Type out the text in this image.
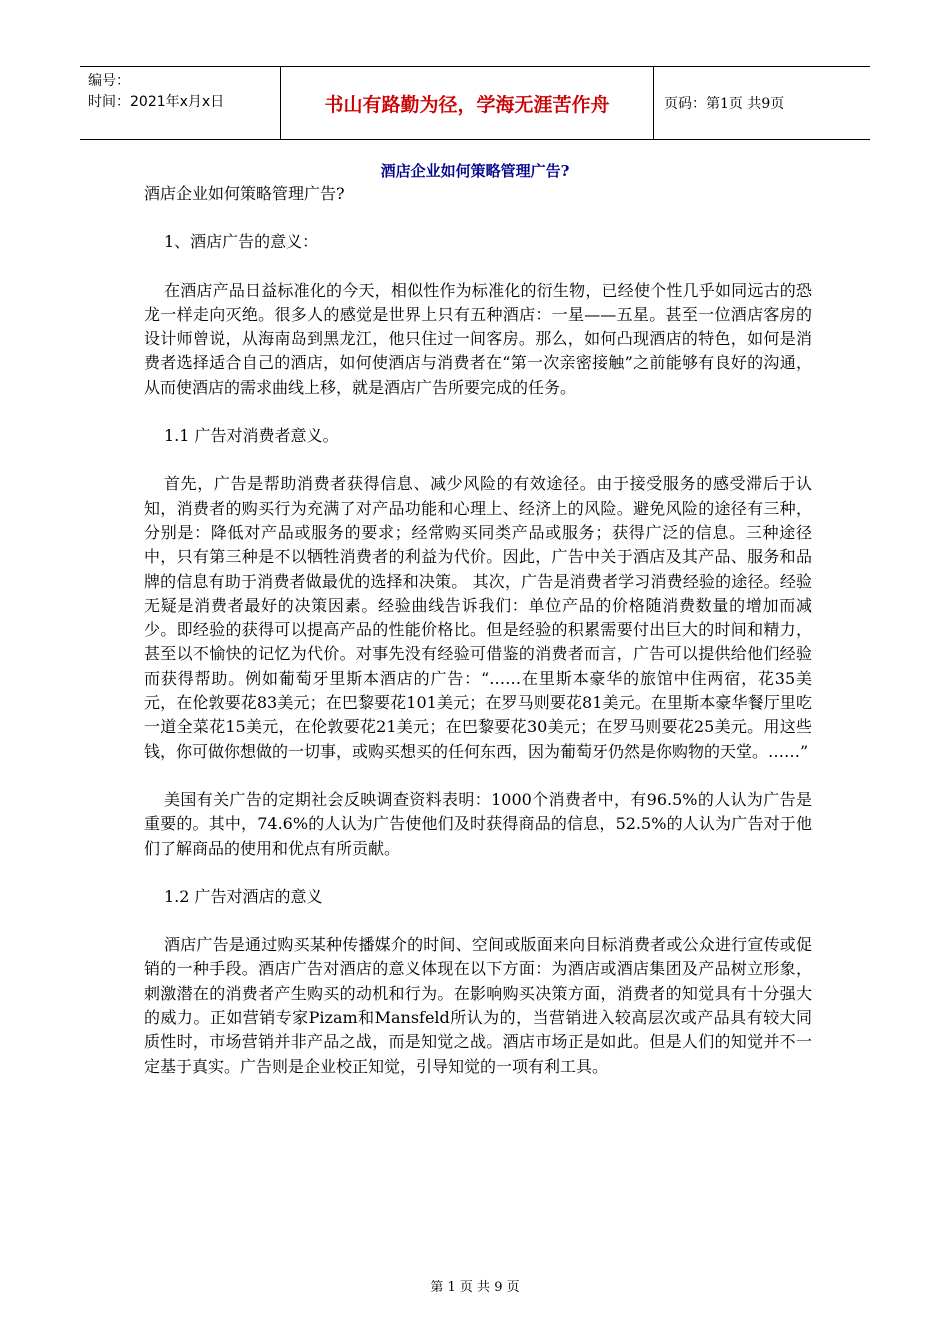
编号：
时间：2021年x月x日	书山有路勤为径，学海无涯苦作舟	页码：第1页 共9页
酒店企业如何策略管理广告?

酒店企业如何策略管理广告?

1、酒店广告的意义：

在酒店产品日益标准化的今天，相似性作为标准化的衍生物，已经使个性几乎如同远古的恐龙一样走向灭绝。很多人的感觉是世界上只有五种酒店：一星——五星。甚至一位酒店客房的设计师曾说，从海南岛到黑龙江，他只住过一间客房。那么，如何凸现酒店的特色，如何是消费者选择适合自己的酒店，如何使酒店与消费者在“第一次亲密接触”之前能够有良好的沟通，从而使酒店的需求曲线上移，就是酒店广告所要完成的任务。

1.1 广告对消费者意义。

首先，广告是帮助消费者获得信息、减少风险的有效途径。由于接受服务的感受滞后于认知，消费者的购买行为充满了对产品功能和心理上、经济上的风险。避免风险的途径有三种，分别是：降低对产品或服务的要求；经常购买同类产品或服务；获得广泛的信息。三种途径中，只有第三种是不以牺牲消费者的利益为代价。因此，广告中关于酒店及其产品、服务和品牌的信息有助于消费者做最优的选择和决策。 其次，广告是消费者学习消费经验的途径。经验无疑是消费者最好的决策因素。经验曲线告诉我们：单位产品的价格随消费数量的增加而减少。即经验的获得可以提高产品的性能价格比。但是经验的积累需要付出巨大的时间和精力，甚至以不愉快的记忆为代价。对事先没有经验可借鉴的消费者而言，广告可以提供给他们经验而获得帮助。例如葡萄牙里斯本酒店的广告：“……在里斯本豪华的旅馆中住两宿，花35美元，在伦敦要花83美元；在巴黎要花101美元；在罗马则要花81美元。在里斯本豪华餐厅里吃一道全菜花15美元，在伦敦要花21美元；在巴黎要花30美元；在罗马则要花25美元。用这些钱，你可做你想做的一切事，或购买想买的任何东西，因为葡萄牙仍然是你购物的天堂。……”

美国有关广告的定期社会反映调查资料表明：1000个消费者中，有96.5%的人认为广告是重要的。其中，74.6%的人认为广告使他们及时获得商品的信息，52.5%的人认为广告对于他们了解商品的使用和优点有所贡献。

1.2 广告对酒店的意义

酒店广告是通过购买某种传播媒介的时间、空间或版面来向目标消费者或公众进行宣传或促销的一种手段。酒店广告对酒店的意义体现在以下方面：为酒店或酒店集团及产品树立形象，刺激潜在的消费者产生购买的动机和行为。在影响购买决策方面，消费者的知觉具有十分强大的威力。正如营销专家Pizam和Mansfeld所认为的，当营销进入较高层次或产品具有较大同质性时，市场营销并非产品之战，而是知觉之战。酒店市场正是如此。但是人们的知觉并不一定基于真实。广告则是企业校正知觉，引导知觉的一项有利工具。

第 1 页 共 9 页
